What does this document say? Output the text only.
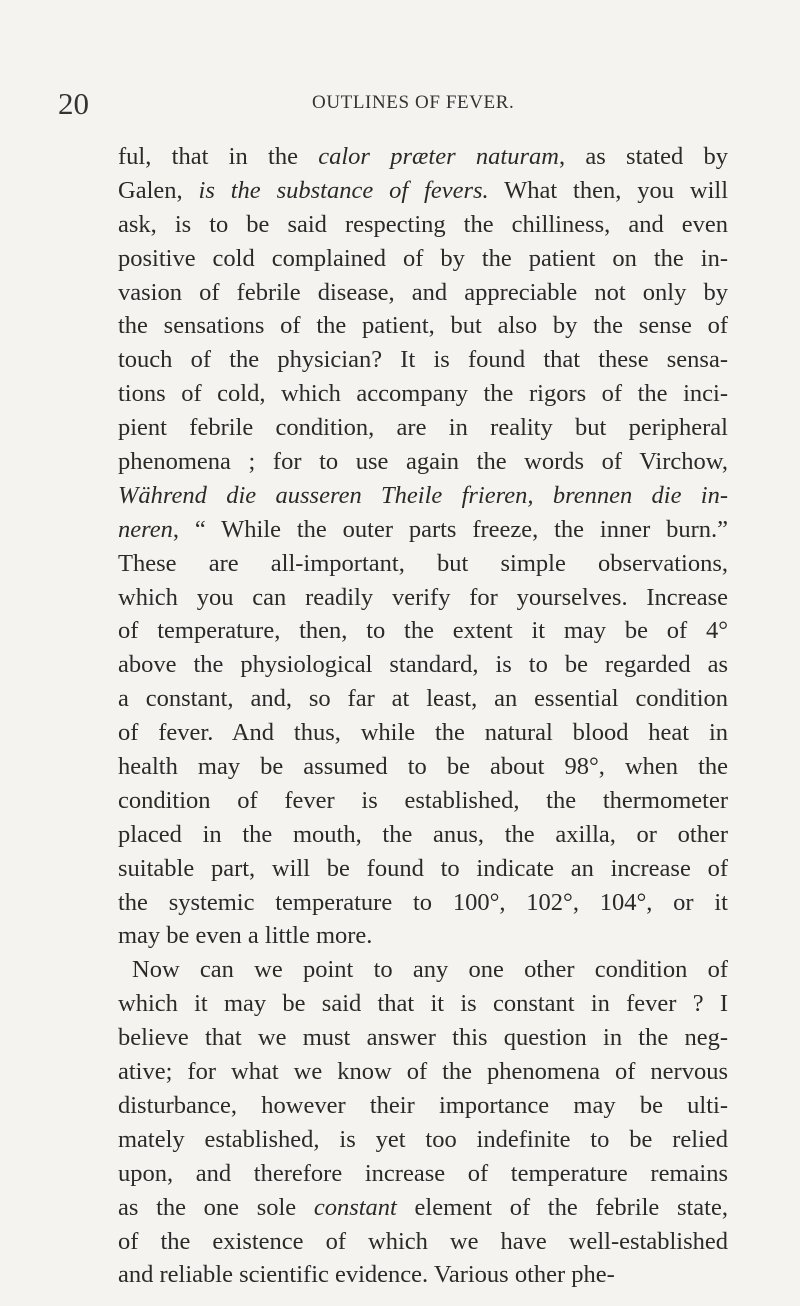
20	OUTLINES OF FEVER.
ful, that in the calor præter naturam, as stated by
Galen, is the substance of fevers. What then, you will
ask, is to be said respecting the chilliness, and even
positive cold complained of by the patient on the in-
vasion of febrile disease, and appreciable not only by
the sensations of the patient, but also by the sense of
touch of the physician? It is found that these sensa-
tions of cold, which accompany the rigors of the inci-
pient febrile condition, are in reality but peripheral
phenomena ; for to use again the words of Virchow,
Während die ausseren Theile frieren, brennen die in-
neren, “ While the outer parts freeze, the inner burn.”
These are all-important, but simple observations,
which you can readily verify for yourselves. Increase
of temperature, then, to the extent it may be of 4°
above the physiological standard, is to be regarded as
a constant, and, so far at least, an essential condition
of fever. And thus, while the natural blood heat in
health may be assumed to be about 98°, when the
condition of fever is established, the thermometer
placed in the mouth, the anus, the axilla, or other
suitable part, will be found to indicate an increase of
the systemic temperature to 100°, 102°, 104°, or it
may be even a little more.
Now can we point to any one other condition of
which it may be said that it is constant in fever ? I
believe that we must answer this question in the neg-
ative; for what we know of the phenomena of nervous
disturbance, however their importance may be ulti-
mately established, is yet too indefinite to be relied
upon, and therefore increase of temperature remains
as the one sole constant element of the febrile state,
of the existence of which we have well-established
and reliable scientific evidence. Various other phe-
